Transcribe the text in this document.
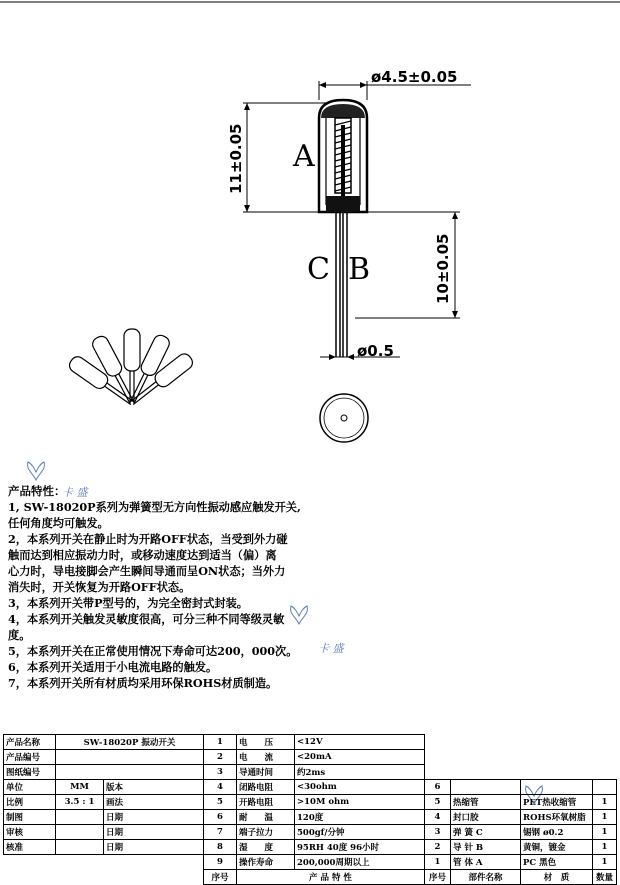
ø4.5±0.05
11±0.05
10±0.05
ø0.5
A
C B
卡 盛
卡 盛
产品特性：
1, SW-18020P系列为弹簧型无方向性振动感应触发开关,
任何角度均可触发。
2，本系列开关在静止时为开路OFF状态，当受到外力碰
触而达到相应振动力时，或移动速度达到适当（偏）离
心力时，导电接脚会产生瞬间导通而呈ON状态；当外力
消失时，开关恢复为开路OFF状态。
3，本系列开关带P型号的，为完全密封式封装。
4，本系列开关触发灵敏度很高，可分三种不同等级灵敏
度。
5，本系列开关在正常使用情况下寿命可达200，000次。
6，本系列开关适用于小电流电路的触发。
7，本系列开关所有材质均采用环保ROHS材质制造。
产品名称	SW-18020P 振动开关		1	电　　压	<12V				
产品编号			2	电　　流	<20mA				
图纸编号			3	导通时间	约2ms				
单位	MM	版本	4	闭路电阻	<30ohm	6			
比例	3.5 : 1	画法	5	开路电阻	>10M ohm	5	热缩管	PET热收缩管	1
制图		日期	6	耐　　温	120度	4	封口胶	ROHS环氧树脂	1
审核		日期	7	端子拉力	500gf/分钟	3	弹 簧 C	锡钢 ø0.2	1
核准		日期	8	湿　　度	95RH 40度 96小时	2	导 针 B	黄铜，镀金	1
			9	操作寿命	200,000周期以上	1	管 体 A	PC 黑色	1
			序号	产 品 特 性		序号	部件名称	材　质	数量
